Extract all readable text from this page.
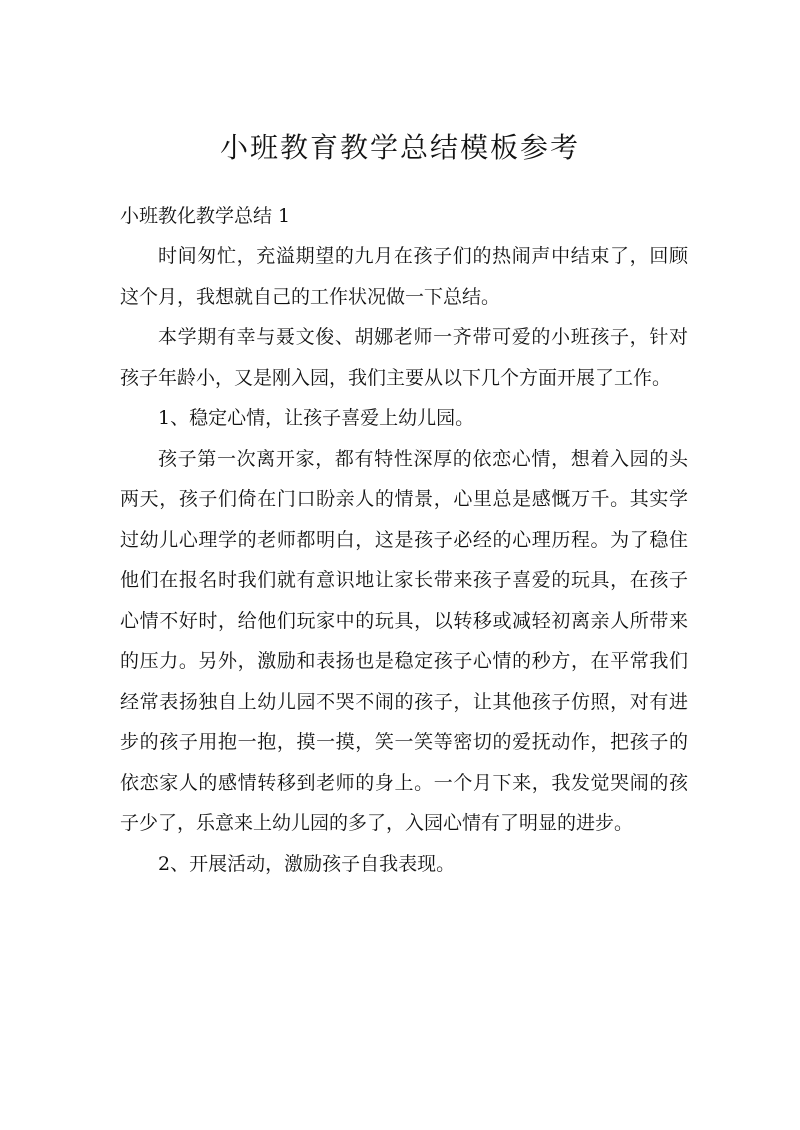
小班教育教学总结模板参考

小班教化教学总结 1

时间匆忙，充溢期望的九月在孩子们的热闹声中结束了，回顾这个月，我想就自己的工作状况做一下总结。

本学期有幸与聂文俊、胡娜老师一齐带可爱的小班孩子，针对孩子年龄小，又是刚入园，我们主要从以下几个方面开展了工作。

1、稳定心情，让孩子喜爱上幼儿园。

孩子第一次离开家，都有特性深厚的依恋心情，想着入园的头两天，孩子们倚在门口盼亲人的情景，心里总是感慨万千。其实学过幼儿心理学的老师都明白，这是孩子必经的心理历程。为了稳住他们在报名时我们就有意识地让家长带来孩子喜爱的玩具，在孩子心情不好时，给他们玩家中的玩具，以转移或减轻初离亲人所带来的压力。另外，激励和表扬也是稳定孩子心情的秒方，在平常我们经常表扬独自上幼儿园不哭不闹的孩子，让其他孩子仿照，对有进步的孩子用抱一抱，摸一摸，笑一笑等密切的爱抚动作，把孩子的依恋家人的感情转移到老师的身上。一个月下来，我发觉哭闹的孩子少了，乐意来上幼儿园的多了，入园心情有了明显的进步。

2、开展活动，激励孩子自我表现。
